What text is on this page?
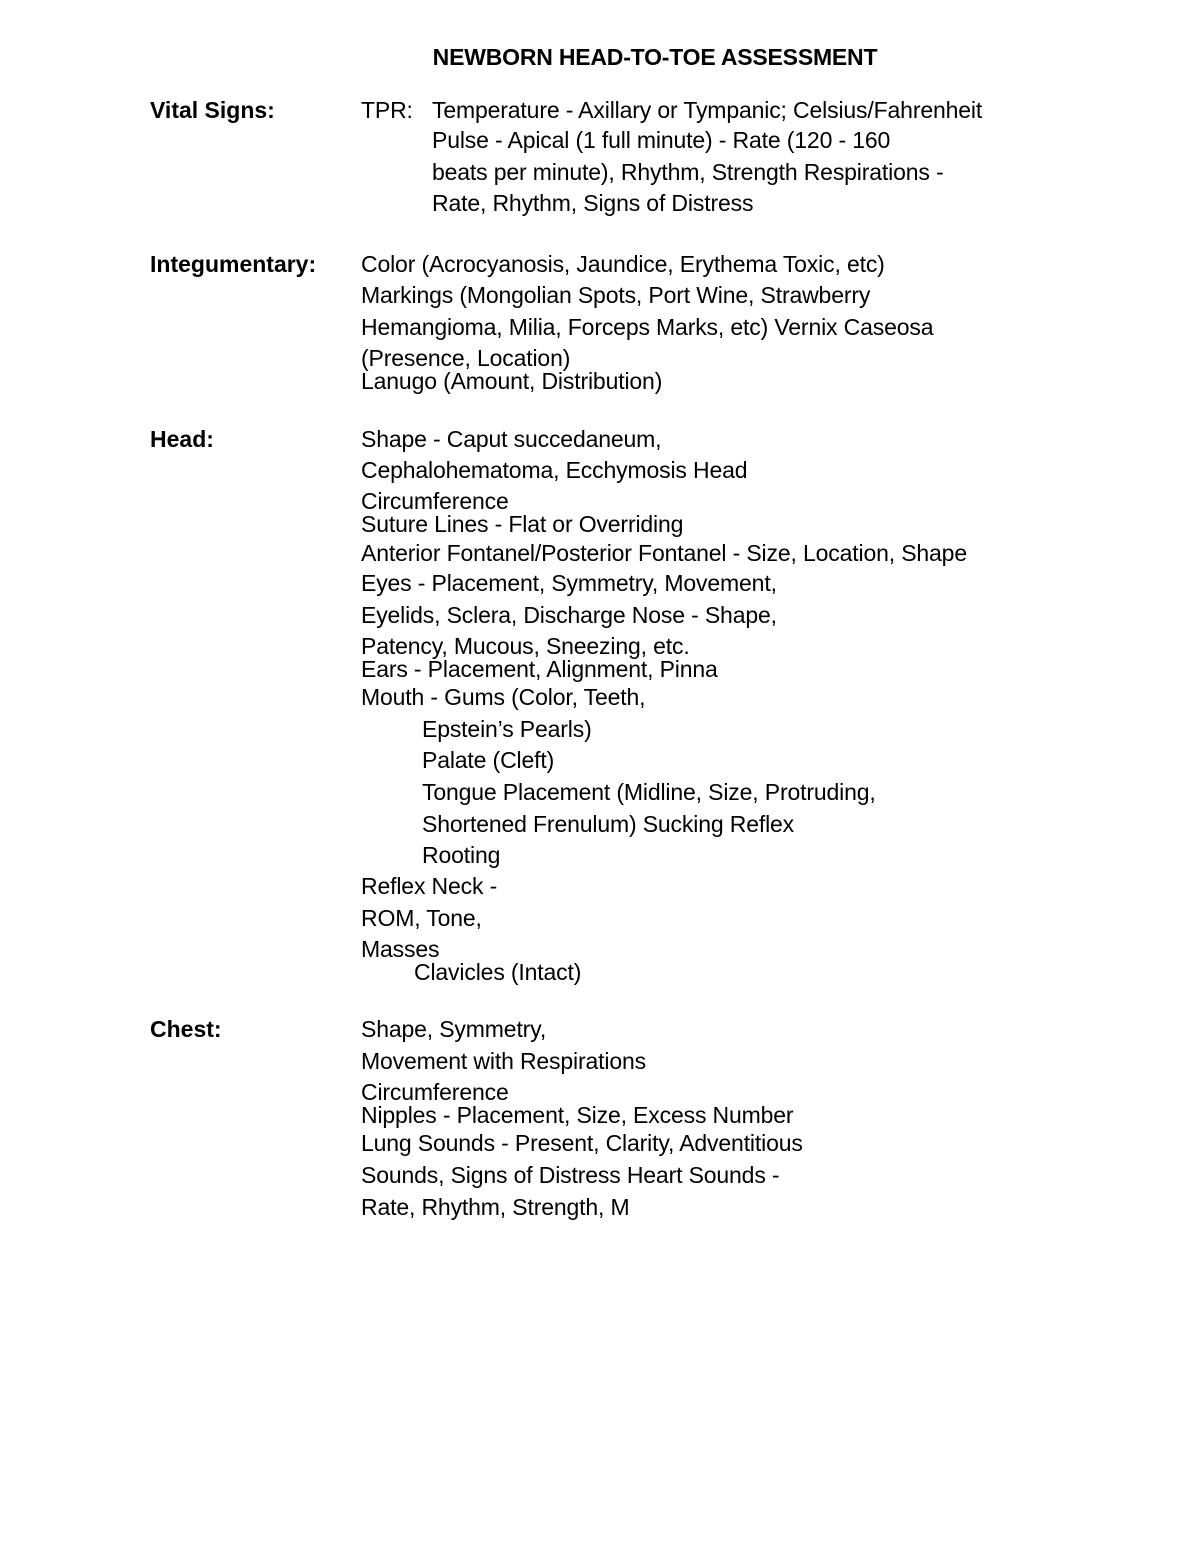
NEWBORN HEAD-TO-TOE ASSESSMENT
Vital Signs:	TPR: Temperature - Axillary or Tympanic; Celsius/Fahrenheit
Pulse - Apical (1 full minute) - Rate (120 - 160
beats per minute), Rhythm, Strength Respirations -
Rate, Rhythm, Signs of Distress
Integumentary: Color (Acrocyanosis, Jaundice, Erythema Toxic, etc)
Markings (Mongolian Spots, Port Wine, Strawberry
Hemangioma, Milia, Forceps Marks, etc) Vernix Caseosa
(Presence, Location)
Lanugo (Amount, Distribution)
Head:	Shape - Caput succedaneum,
Cephalohematoma, Ecchymosis Head
Circumference
Suture Lines - Flat or Overriding
Anterior Fontanel/Posterior Fontanel - Size, Location, Shape
Eyes - Placement, Symmetry, Movement,
Eyelids, Sclera, Discharge Nose - Shape,
Patency, Mucous, Sneezing, etc.
Ears - Placement, Alignment, Pinna
Mouth - Gums (Color, Teeth,
Epstein’s Pearls)
Palate (Cleft)
Tongue Placement (Midline, Size, Protruding,
Shortened Frenulum) Sucking Reflex
Rooting
Reflex Neck -
ROM, Tone,
Masses
Clavicles (Intact)
Chest:	Shape, Symmetry,
Movement with Respirations
Circumference
Nipples - Placement, Size, Excess Number
Lung Sounds - Present, Clarity, Adventitious
Sounds, Signs of Distress Heart Sounds -
Rate, Rhythm, Strength, M
